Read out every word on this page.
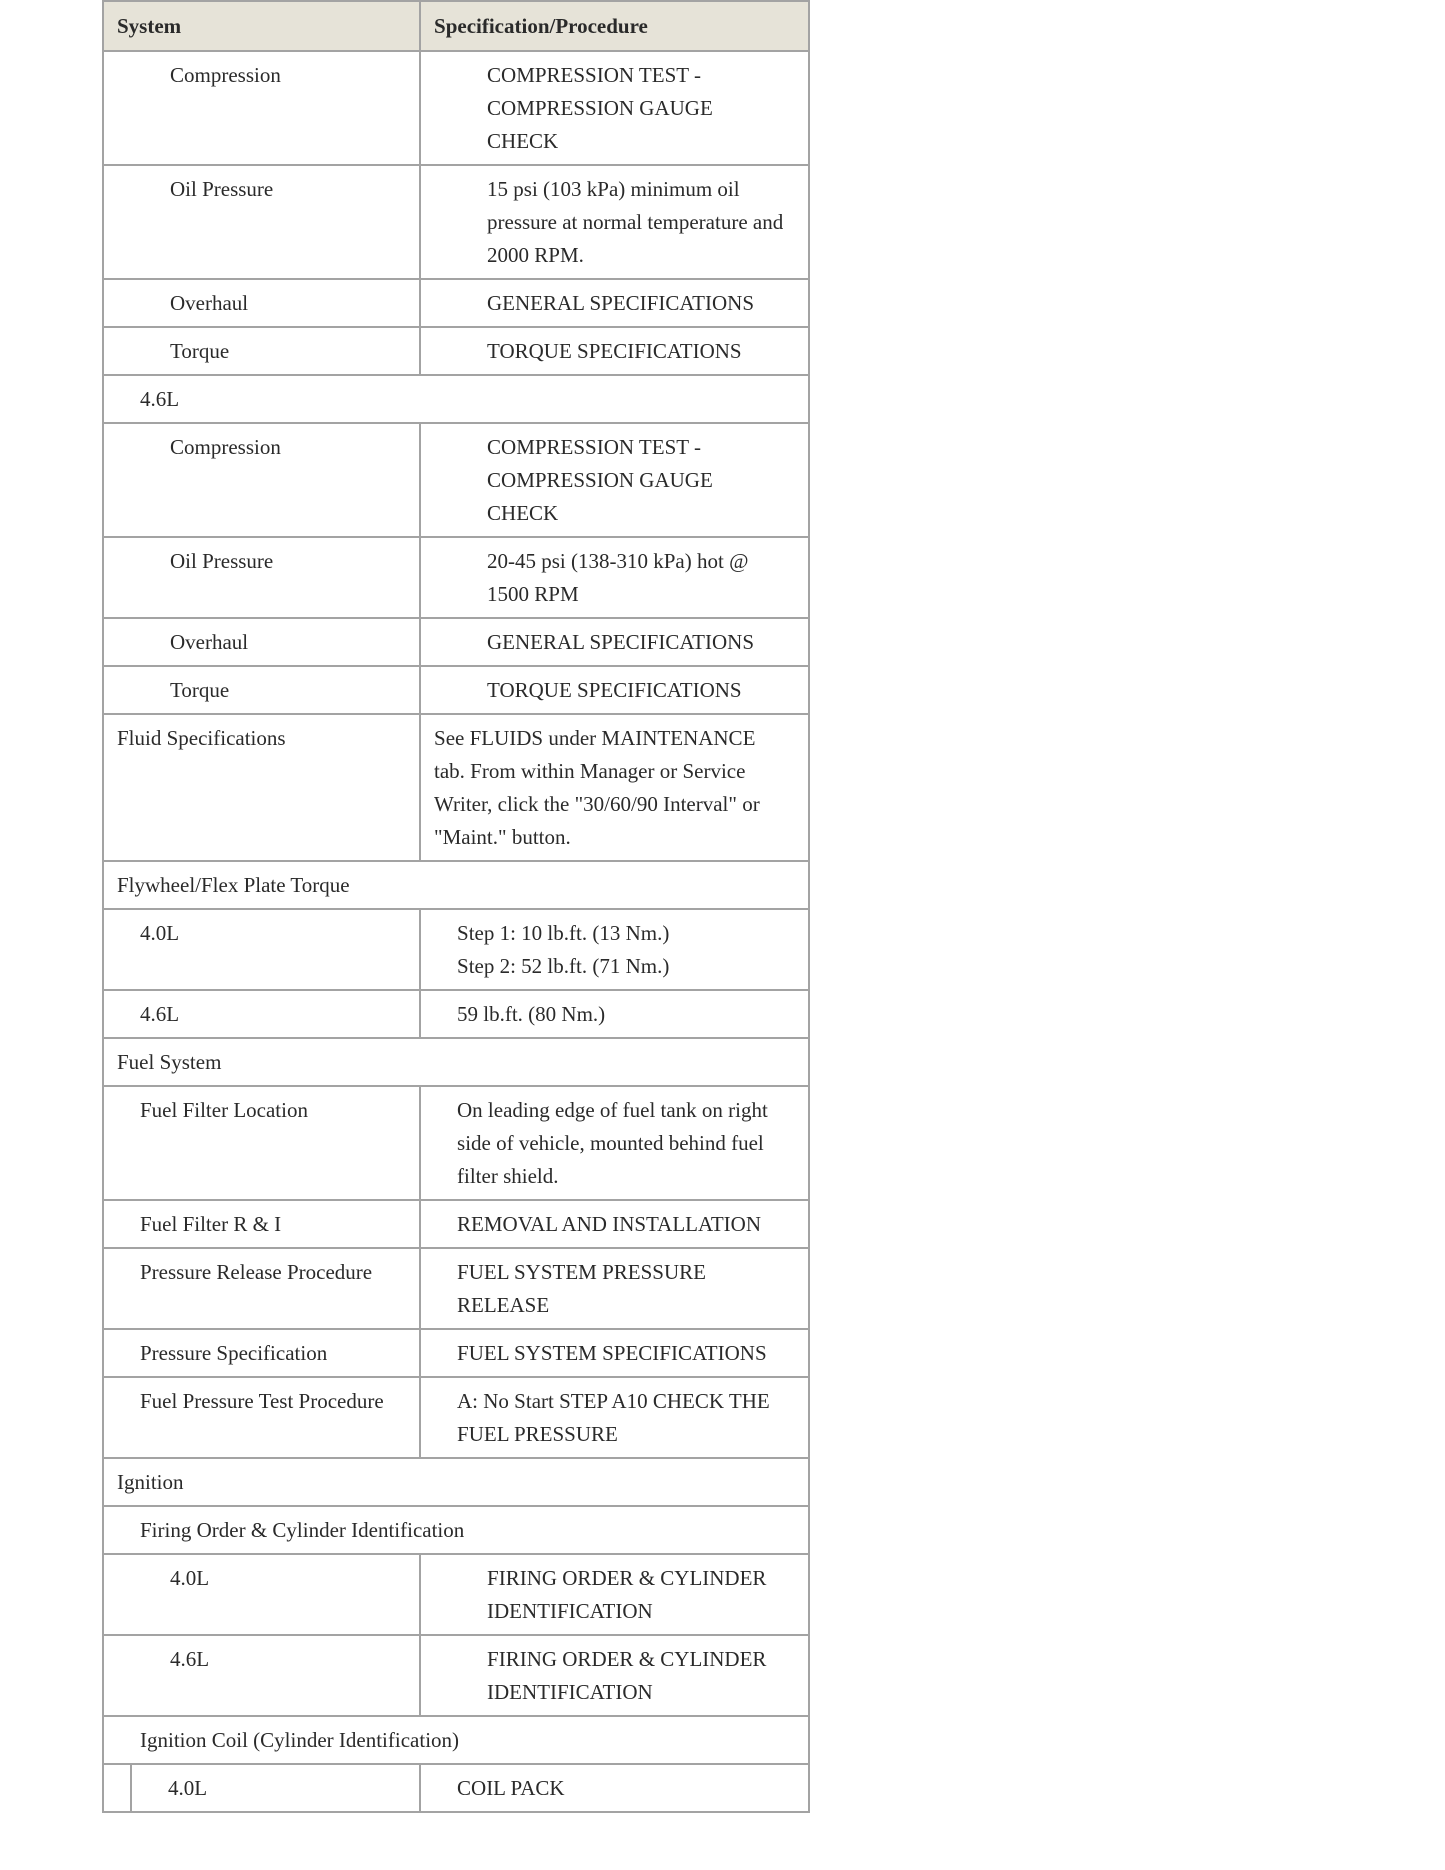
System		Specification/Procedure

Compression		COMPRESSION TEST -
COMPRESSION GAUGE
CHECK

Oil Pressure		15 psi (103 kPa) minimum oil
pressure at normal temperature and
2000 RPM.

Overhaul		GENERAL SPECIFICATIONS

Torque		TORQUE SPECIFICATIONS

4.6L		

Compression		COMPRESSION TEST -
COMPRESSION GAUGE
CHECK

Oil Pressure		20-45 psi (138-310 kPa) hot @
1500 RPM

Overhaul		GENERAL SPECIFICATIONS

Torque		TORQUE SPECIFICATIONS

Fluid Specifications		See FLUIDS under MAINTENANCE
tab. From within Manager or Service
Writer, click the "30/60/90 Interval" or
"Maint." button.

Flywheel/Flex Plate Torque		

4.0L		Step 1: 10 lb.ft. (13 Nm.)
Step 2: 52 lb.ft. (71 Nm.)

4.6L		59 lb.ft. (80 Nm.)

Fuel System		

Fuel Filter Location		On leading edge of fuel tank on right
side of vehicle, mounted behind fuel
filter shield.

Fuel Filter R & I		REMOVAL AND INSTALLATION

Pressure Release Procedure		FUEL SYSTEM PRESSURE
RELEASE

Pressure Specification		FUEL SYSTEM SPECIFICATIONS

Fuel Pressure Test Procedure		A: No Start STEP A10 CHECK THE
FUEL PRESSURE

Ignition		

Firing Order & Cylinder Identification		

4.0L		FIRING ORDER & CYLINDER
IDENTIFICATION

4.6L		FIRING ORDER & CYLINDER
IDENTIFICATION

Ignition Coil (Cylinder Identification)		

	4.0L	COIL PACK
